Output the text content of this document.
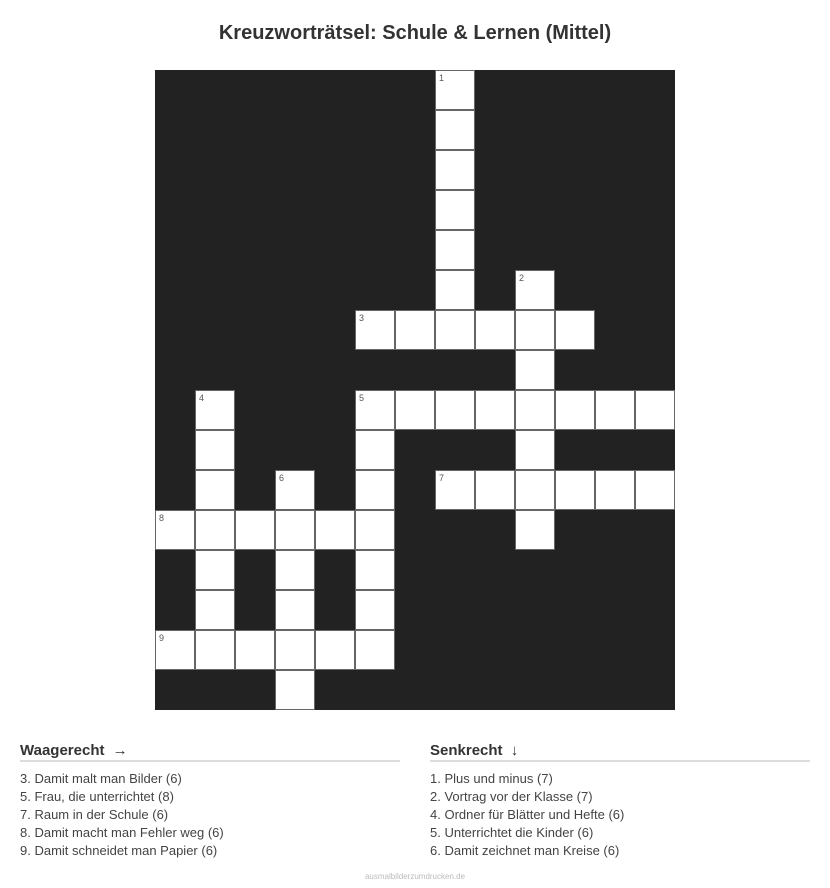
Kreuzworträtsel: Schule & Lernen (Mittel)
1
2
3
4	5
6	7
8
9
Waagerecht →
3. Damit malt man Bilder (6)
5. Frau, die unterrichtet (8)
7. Raum in der Schule (6)
8. Damit macht man Fehler weg (6)
9. Damit schneidet man Papier (6)
Senkrecht ↓
1. Plus und minus (7)
2. Vortrag vor der Klasse (7)
4. Ordner für Blätter und Hefte (6)
5. Unterrichtet die Kinder (6)
6. Damit zeichnet man Kreise (6)
ausmalbilderzumdrucken.de
